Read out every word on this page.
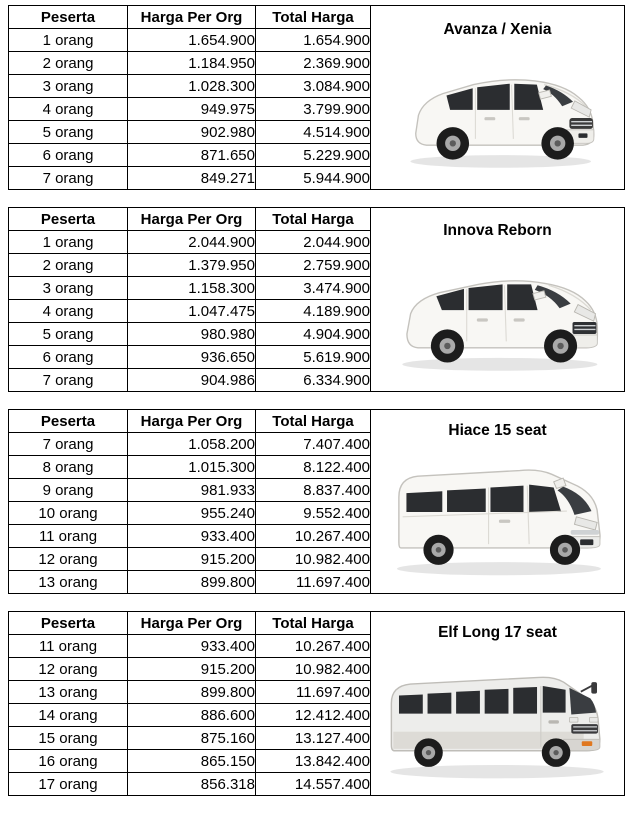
Peserta	Harga Per Org	Total Harga	Avanza / Xenia

1 orang	1.654.900	1.654.900	
2 orang	1.184.950	2.369.900	
3 orang	1.028.300	3.084.900	
4 orang	949.975	3.799.900	
5 orang	902.980	4.514.900	
6 orang	871.650	5.229.900	
7 orang	849.271	5.944.900	
Peserta	Harga Per Org	Total Harga	Innova Reborn

1 orang	2.044.900	2.044.900	
2 orang	1.379.950	2.759.900	
3 orang	1.158.300	3.474.900	
4 orang	1.047.475	4.189.900	
5 orang	980.980	4.904.900	
6 orang	936.650	5.619.900	
7 orang	904.986	6.334.900	
Peserta	Harga Per Org	Total Harga	Hiace 15 seat

7 orang	1.058.200	7.407.400	
8 orang	1.015.300	8.122.400	
9 orang	981.933	8.837.400	
10 orang	955.240	9.552.400	
11 orang	933.400	10.267.400	
12 orang	915.200	10.982.400	
13 orang	899.800	11.697.400	
Peserta	Harga Per Org	Total Harga	Elf Long 17 seat

11 orang	933.400	10.267.400	
12 orang	915.200	10.982.400	
13 orang	899.800	11.697.400	
14 orang	886.600	12.412.400	
15 orang	875.160	13.127.400	
16 orang	865.150	13.842.400	
17 orang	856.318	14.557.400	
